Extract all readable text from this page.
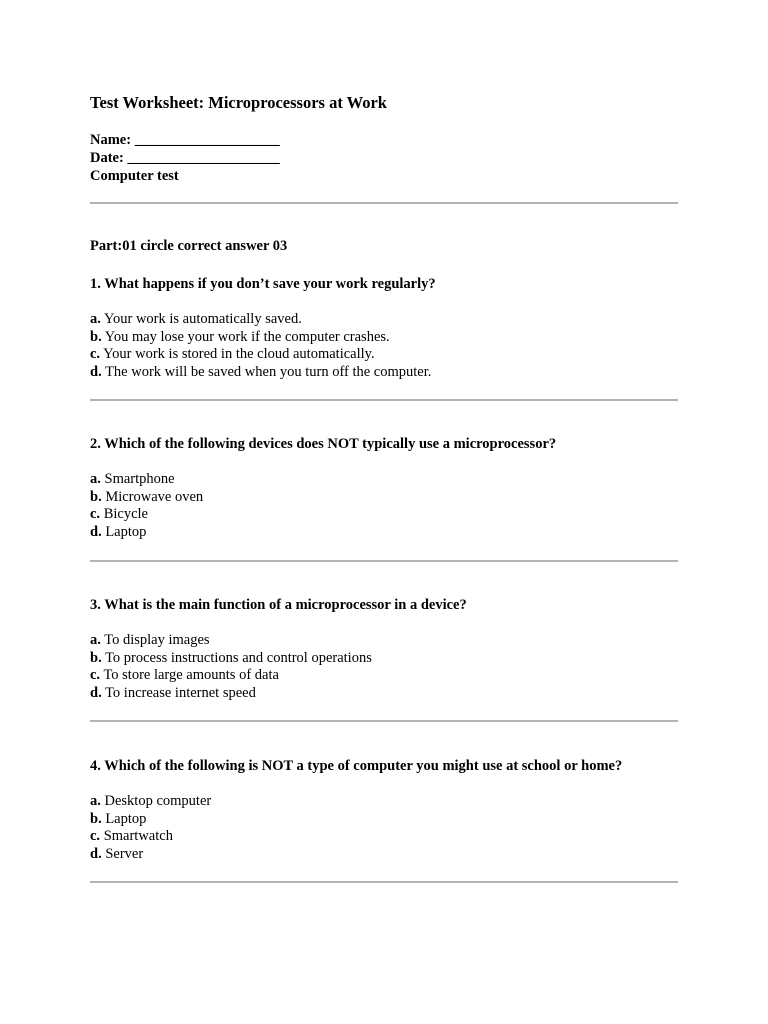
Test Worksheet: Microprocessors at Work
Name: ____________________
Date: _____________________
Computer test
Part:01 circle correct answer 03
1. What happens if you don’t save your work regularly?
a. Your work is automatically saved.
b. You may lose your work if the computer crashes.
c. Your work is stored in the cloud automatically.
d. The work will be saved when you turn off the computer.
2. Which of the following devices does NOT typically use a microprocessor?
a. Smartphone
b. Microwave oven
c. Bicycle
d. Laptop
3. What is the main function of a microprocessor in a device?
a. To display images
b. To process instructions and control operations
c. To store large amounts of data
d. To increase internet speed
4. Which of the following is NOT a type of computer you might use at school or home?
a. Desktop computer
b. Laptop
c. Smartwatch
d. Server
